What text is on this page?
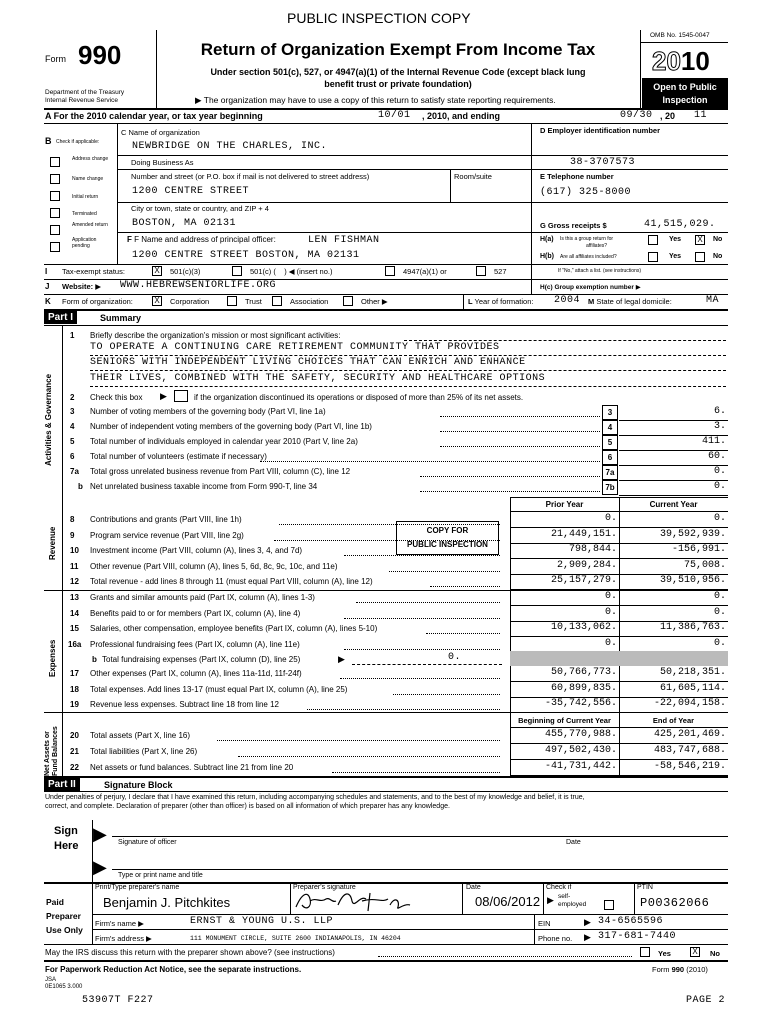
PUBLIC INSPECTION COPY
Form 990
Department of the Treasury
Internal Revenue Service
Return of Organization Exempt From Income Tax
Under section 501(c), 527, or 4947(a)(1) of the Internal Revenue Code (except black lung
benefit trust or private foundation)
▶ The organization may have to use a copy of this return to satisfy state reporting requirements.
OMB No. 1545-0047
2010
Open to Public
Inspection
A For the 2010 calendar year, or tax year beginning	10/01 , 2010, and ending	09/30 , 20 11
B Check if applicable:
Address change
Name change
Initial return
Terminated
Amended return
Application pending
C Name of organization
NEWBRIDGE ON THE CHARLES, INC.
Doing Business As
Number and street (or P.O. box if mail is not delivered to street address)	Room/suite
1200 CENTRE STREET
City or town, state or country, and ZIP + 4
BOSTON, MA 02131
F F Name and address of principal officer:	LEN FISHMAN
1200 CENTRE STREET BOSTON, MA 02131
D Employer identification number
38-3707573
E Telephone number
(617) 325-8000
G Gross receipts $	41,515,029.
H(a) Is this a group return for
affiliates?
Yes X	No
H(b) Are all affiliates included?	Yes	No
I Tax-exempt status:	X	501(c)(3)	501(c) ( ) ◀ (insert no.)	4947(a)(1) or	527	If "No," attach a list. (see instructions)
J Website: ▶ WWW.HEBREWSENIORLIFE.ORG	H(c) Group exemption number ▶
K Form of organization:	X	Corporation	Trust	Association	Other ▶	L Year of formation: 2004 M State of legal domicile:	MA
Part I	Summary
Activities & Governance
Revenue
Expenses
Net Assets or Fund Balances
1 Briefly describe the organization's mission or most significant activities:
TO OPERATE A CONTINUING CARE RETIREMENT COMMUNITY THAT PROVIDES
SENIORS WITH INDEPENDENT LIVING CHOICES THAT CAN ENRICH AND ENHANCE
THEIR LIVES, COMBINED WITH THE SAFETY, SECURITY AND HEALTHCARE OPTIONS
2 Check this box ▶	if the organization discontinued its operations or disposed of more than 25% of its net assets.
3 Number of voting members of the governing body (Part VI, line 1a)	3	6.
4 Number of independent voting members of the governing body (Part VI, line 1b)	4	3.
5 Total number of individuals employed in calendar year 2010 (Part V, line 2a)	5	411.
6 Total number of volunteers (estimate if necessary)	6	60.
7a Total gross unrelated business revenue from Part VIII, column (C), line 12	7a	0.
b Net unrelated business taxable income from Form 990-T, line 34	7b	0.
Prior Year	Current Year
COPY FOR
PUBLIC INSPECTION
8 Contributions and grants (Part VIII, line 1h)	0.	0.
9 Program service revenue (Part VIII, line 2g)	21,449,151.	39,592,939.
10 Investment income (Part VIII, column (A), lines 3, 4, and 7d)	798,844.	-156,991.
11 Other revenue (Part VIII, column (A), lines 5, 6d, 8c, 9c, 10c, and 11e)	2,909,284.	75,008.
12 Total revenue - add lines 8 through 11 (must equal Part VIII, column (A), line 12)	25,157,279.	39,510,956.
13 Grants and similar amounts paid (Part IX, column (A), lines 1-3)	0.	0.
14 Benefits paid to or for members (Part IX, column (A), line 4)	0.	0.
15 Salaries, other compensation, employee benefits (Part IX, column (A), lines 5-10)	10,133,062.	11,386,763.
16a Professional fundraising fees (Part IX, column (A), line 11e)	0.	0.
b Total fundraising expenses (Part IX, column (D), line 25)	▶	0.
17 Other expenses (Part IX, column (A), lines 11a-11d, 11f-24f)	50,766,773.	50,218,351.
18 Total expenses. Add lines 13-17 (must equal Part IX, column (A), line 25)	60,899,835.	61,605,114.
19 Revenue less expenses. Subtract line 18 from line 12	-35,742,556.	-22,094,158.
Beginning of Current Year	End of Year
20 Total assets (Part X, line 16)	455,770,988.	425,201,469.
21 Total liabilities (Part X, line 26)	497,502,430.	483,747,688.
22 Net assets or fund balances. Subtract line 21 from line 20	-41,731,442.	-58,546,219.
Part II	Signature Block
Under penalties of perjury, I declare that I have examined this return, including accompanying schedules and statements, and to the best of my knowledge and belief, it is true,
correct, and complete. Declaration of preparer (other than officer) is based on all information of which preparer has any knowledge.
Sign
Here
▶ Signature of officer	Date
▶ Type or print name and title
Paid
Preparer
Use Only
Print/Type preparer's name
Benjamin J. Pitchkites
Preparer's signature	Date
08/06/2012
Check if
▶ self-
employed
PTIN
P00362066
Firm's name ▶	ERNST & YOUNG U.S. LLP	EIN	▶ 34-6565596
Firm's address ▶	111 MONUMENT CIRCLE, SUITE 2600 INDIANAPOLIS, IN 46204	Phone no. ▶ 317-681-7440
May the IRS discuss this return with the preparer shown above? (see instructions)	Yes	X	No
For Paperwork Reduction Act Notice, see the separate instructions.	Form 990 (2010)
JSA
0E1065 3.000
53907T F227	PAGE 2
